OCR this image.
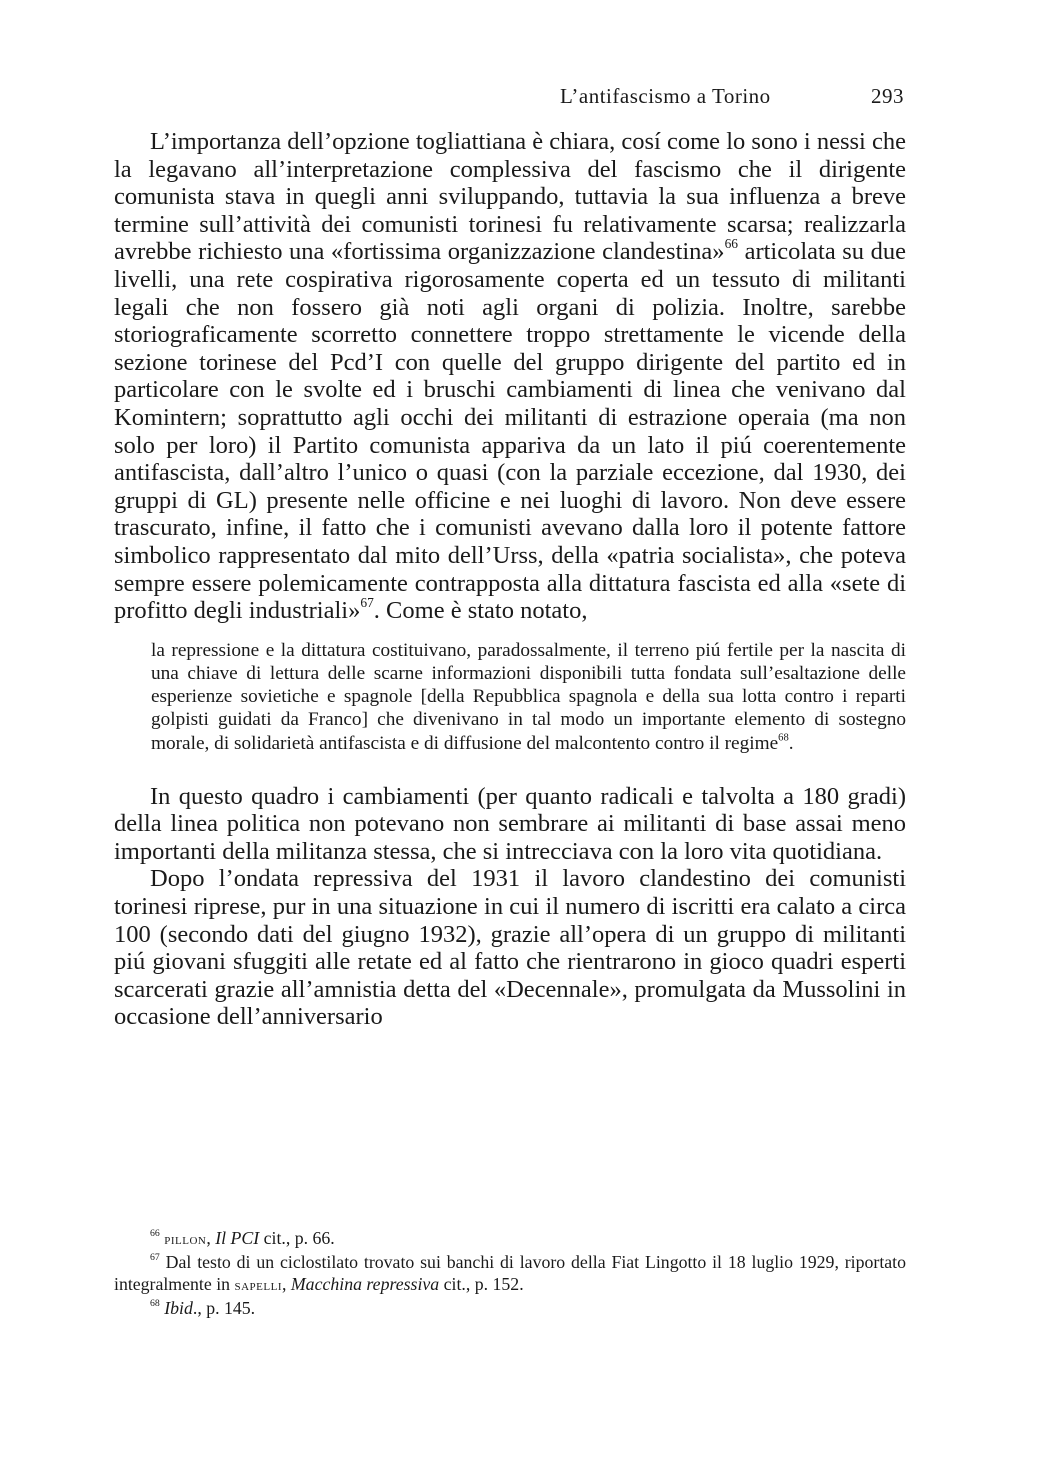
L’antifascismo a Torino	293

L’importanza dell’opzione togliattiana è chiara, cosí come lo sono i nessi che la legavano all’interpretazione complessiva del fascismo che il dirigente comunista stava in quegli anni sviluppando, tuttavia la sua influenza a breve termine sull’attività dei comunisti torinesi fu relativamente scarsa; realizzarla avrebbe richiesto una «fortissima organizzazione clandestina»$^{66}$ articolata su due livelli, una rete cospirativa rigorosamente coperta ed un tessuto di militanti legali che non fossero già noti agli organi di polizia. Inoltre, sarebbe storiograficamente scorretto connettere troppo strettamente le vicende della sezione torinese del Pcd’I con quelle del gruppo dirigente del partito ed in particolare con le svolte ed i bruschi cambiamenti di linea che venivano dal Komintern; soprattutto agli occhi dei militanti di estrazione operaia (ma non solo per loro) il Partito comunista appariva da un lato il piú coerentemente antifascista, dall’altro l’unico o quasi (con la parziale eccezione, dal 1930, dei gruppi di GL) presente nelle officine e nei luoghi di lavoro. Non deve essere trascurato, infine, il fatto che i comunisti avevano dalla loro il potente fattore simbolico rappresentato dal mito dell’Urss, della «patria socialista», che poteva sempre essere polemicamente contrapposta alla dittatura fascista ed alla «sete di profitto degli industriali»$^{67}$. Come è stato notato,

la repressione e la dittatura costituivano, paradossalmente, il terreno piú fertile per la nascita di una chiave di lettura delle scarne informazioni disponibili tutta fondata sull’esaltazione delle esperienze sovietiche e spagnole [della Repubblica spagnola e della sua lotta contro i reparti golpisti guidati da Franco] che divenivano in tal modo un importante elemento di sostegno morale, di solidarietà antifascista e di diffusione del malcontento contro il regime$^{68}$.

In questo quadro i cambiamenti (per quanto radicali e talvolta a 180 gradi) della linea politica non potevano non sembrare ai militanti di base assai meno importanti della militanza stessa, che si intrecciava con la loro vita quotidiana.

Dopo l’ondata repressiva del 1931 il lavoro clandestino dei comunisti torinesi riprese, pur in una situazione in cui il numero di iscritti era calato a circa 100 (secondo dati del giugno 1932), grazie all’opera di un gruppo di militanti piú giovani sfuggiti alle retate ed al fatto che rientrarono in gioco quadri esperti scarcerati grazie all’amnistia detta del «Decennale», promulgata da Mussolini in occasione dell’anniversario

$^{66}$ pillon, Il PCI cit., p. 66.

$^{67}$ Dal testo di un ciclostilato trovato sui banchi di lavoro della Fiat Lingotto il 18 luglio 1929, riportato integralmente in sapelli, Macchina repressiva cit., p. 152.

$^{68}$ Ibid., p. 145.
